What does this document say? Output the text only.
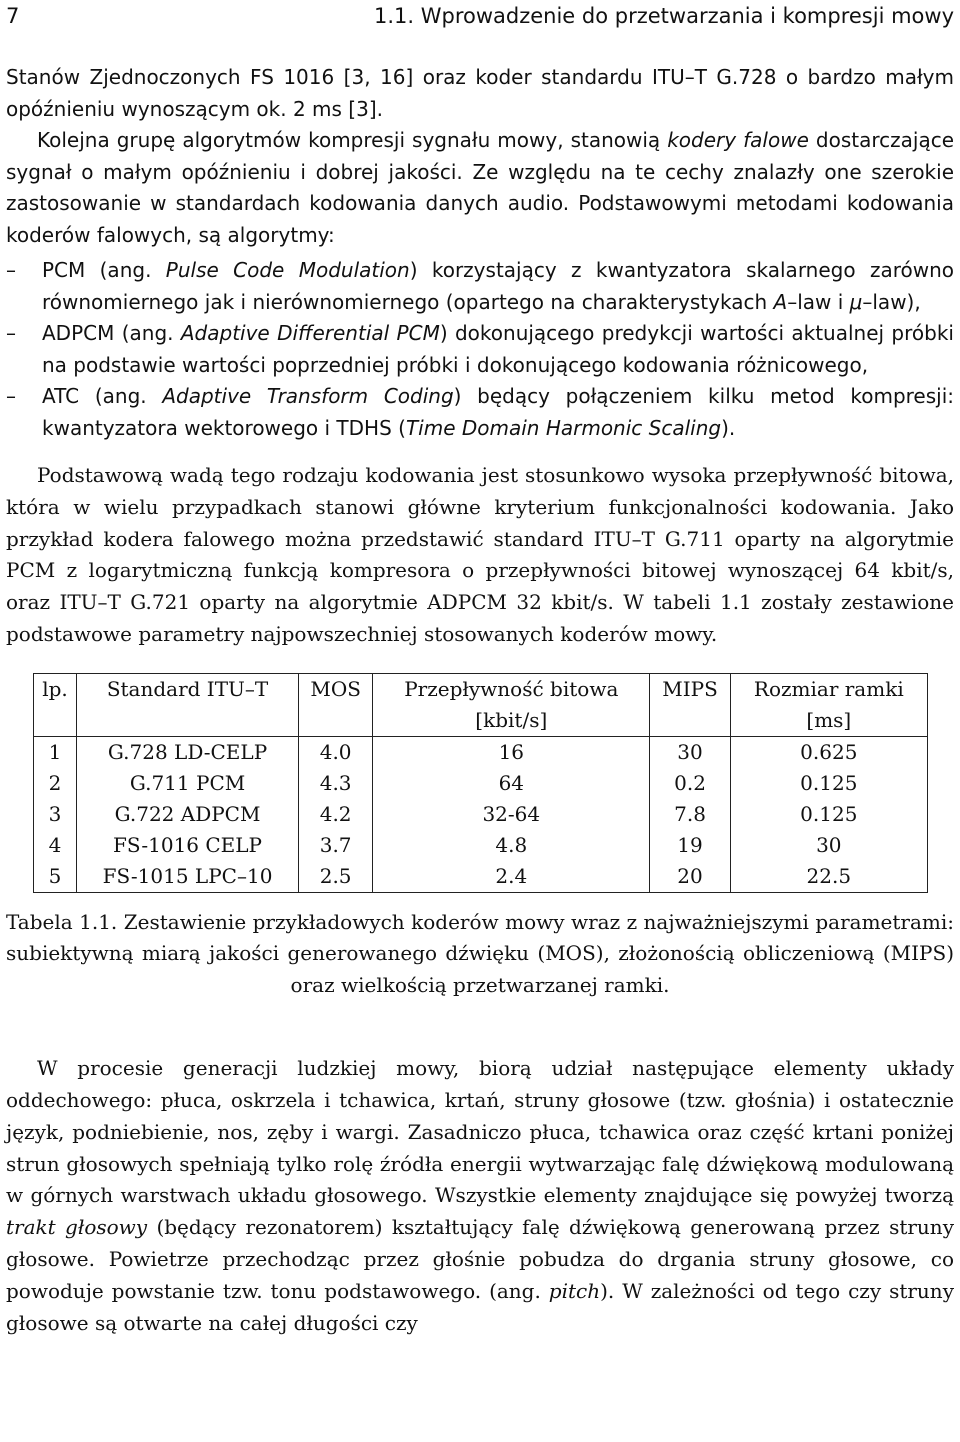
7	1.1. Wprowadzenie do przetwarzania i kompresji mowy

Stanów Zjednoczonych FS 1016 [3, 16] oraz koder standardu ITU–T G.728 o bardzo małym opóźnieniu wynoszącym ok. 2 ms [3].

Kolejna grupę algorytmów kompresji sygnału mowy, stanowią kodery falowe dostarczające sygnał o małym opóźnieniu i dobrej jakości. Ze względu na te cechy znalazły one szerokie zastosowanie w standardach kodowania danych audio. Podstawowymi metodami kodowania koderów falowych, są algorytmy:

– PCM (ang. Pulse Code Modulation) korzystający z kwantyzatora skalarnego zarówno równomiernego jak i nierównomiernego (opartego na charakterystykach A–law i μ–law),
– ADPCM (ang. Adaptive Differential PCM) dokonującego predykcji wartości aktualnej próbki na podstawie wartości poprzedniej próbki i dokonującego kodowania różnicowego,
– ATC (ang. Adaptive Transform Coding) będący połączeniem kilku metod kompresji: kwantyzatora wektorowego i TDHS (Time Domain Harmonic Scaling).

Podstawową wadą tego rodzaju kodowania jest stosunkowo wysoka przepływność bitowa, która w wielu przypadkach stanowi główne kryterium funkcjonalności kodowania. Jako przykład kodera falowego można przedstawić standard ITU–T G.711 oparty na algorytmie PCM z logarytmiczną funkcją kompresora o przepływności bitowej wynoszącej 64 kbit/s, oraz ITU–T G.721 oparty na algorytmie ADPCM 32 kbit/s. W tabeli 1.1 zostały zestawione podstawowe parametry najpowszechniej stosowanych koderów mowy.

lp.	Standard ITU–T	MOS	Przepływność bitowa	MIPS	Rozmiar ramki
			[kbit/s]		[ms]
1	G.728 LD-CELP	4.0	16	30	0.625
2	G.711 PCM	4.3	64	0.2	0.125
3	G.722 ADPCM	4.2	32-64	7.8	0.125
4	FS-1016 CELP	3.7	4.8	19	30
5	FS-1015 LPC–10	2.5	2.4	20	22.5
Tabela 1.1. Zestawienie przykładowych koderów mowy wraz z najważniejszymi parametrami: subiektywną miarą jakości generowanego dźwięku (MOS), złożonością obliczeniową (MIPS) oraz wielkością przetwarzanej ramki.

W procesie generacji ludzkiej mowy, biorą udział następujące elementy układy oddechowego: płuca, oskrzela i tchawica, krtań, struny głosowe (tzw. głośnia) i ostatecznie język, podniebienie, nos, zęby i wargi. Zasadniczo płuca, tchawica oraz część krtani poniżej strun głosowych spełniają tylko rolę źródła energii wytwarzając falę dźwiękową modulowaną w górnych warstwach układu głosowego. Wszystkie elementy znajdujące się powyżej tworzą trakt głosowy (będący rezonatorem) kształtujący falę dźwiękową generowaną przez struny głosowe. Powietrze przechodząc przez głośnie pobudza do drgania struny głosowe, co powoduje powstanie tzw. tonu podstawowego. (ang. pitch). W zależności od tego czy struny głosowe są otwarte na całej długości czy
